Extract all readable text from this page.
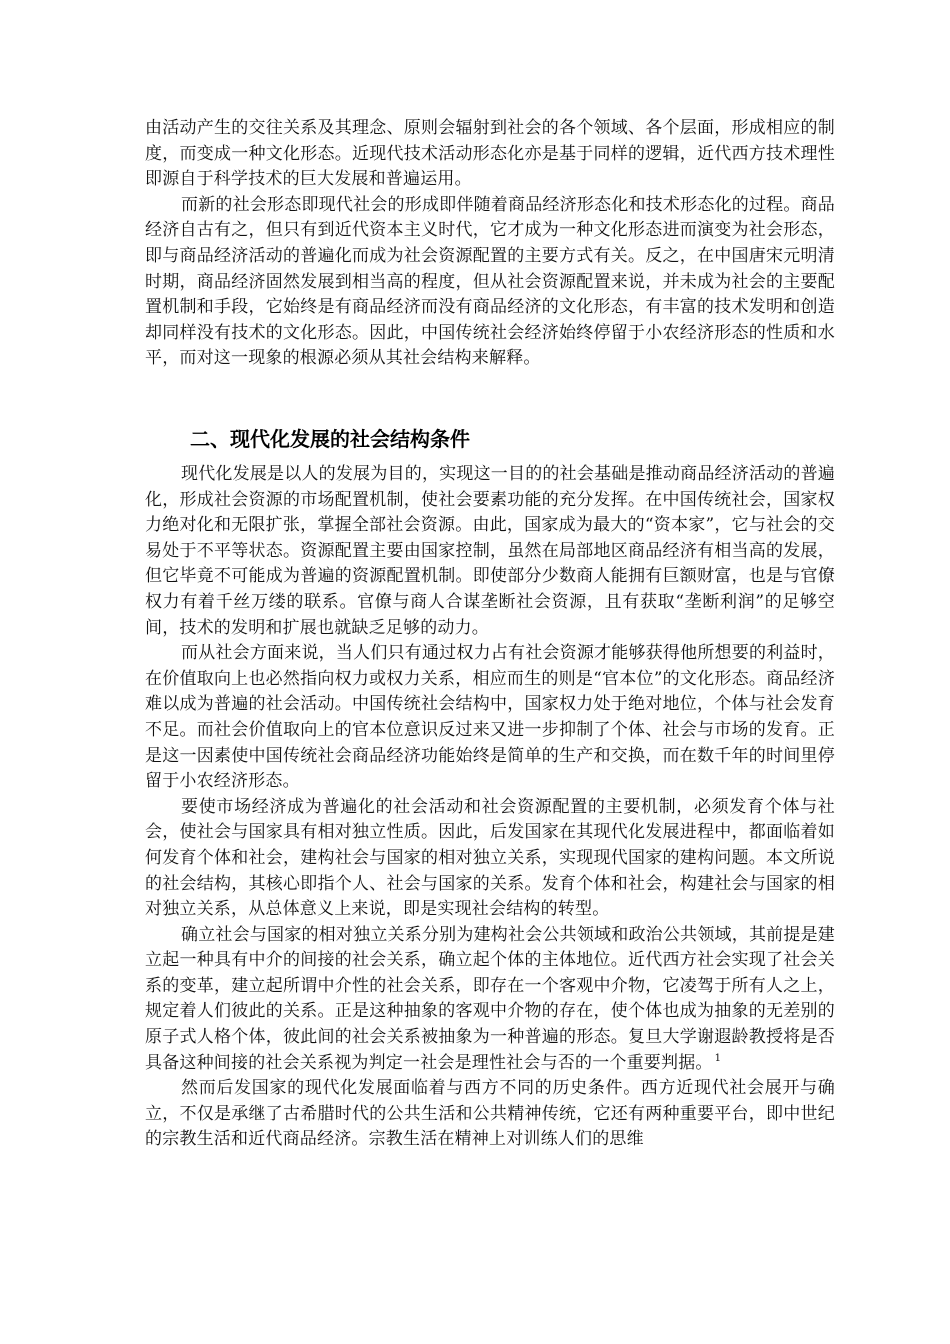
由活动产生的交往关系及其理念、原则会辐射到社会的各个领域、各个层面，形成相应的制度，而变成一种文化形态。近现代技术活动形态化亦是基于同样的逻辑，近代西方技术理性即源自于科学技术的巨大发展和普遍运用。

而新的社会形态即现代社会的形成即伴随着商品经济形态化和技术形态化的过程。商品经济自古有之，但只有到近代资本主义时代，它才成为一种文化形态进而演变为社会形态，即与商品经济活动的普遍化而成为社会资源配置的主要方式有关。反之，在中国唐宋元明清时期，商品经济固然发展到相当高的程度，但从社会资源配置来说，并未成为社会的主要配置机制和手段，它始终是有商品经济而没有商品经济的文化形态，有丰富的技术发明和创造却同样没有技术的文化形态。因此，中国传统社会经济始终停留于小农经济形态的性质和水平，而对这一现象的根源必须从其社会结构来解释。

二、现代化发展的社会结构条件

现代化发展是以人的发展为目的，实现这一目的的社会基础是推动商品经济活动的普遍化，形成社会资源的市场配置机制，使社会要素功能的充分发挥。在中国传统社会，国家权力绝对化和无限扩张，掌握全部社会资源。由此，国家成为最大的“资本家”，它与社会的交易处于不平等状态。资源配置主要由国家控制，虽然在局部地区商品经济有相当高的发展，但它毕竟不可能成为普遍的资源配置机制。即使部分少数商人能拥有巨额财富，也是与官僚权力有着千丝万缕的联系。官僚与商人合谋垄断社会资源，且有获取“垄断利润”的足够空间，技术的发明和扩展也就缺乏足够的动力。

而从社会方面来说，当人们只有通过权力占有社会资源才能够获得他所想要的利益时，在价值取向上也必然指向权力或权力关系，相应而生的则是“官本位”的文化形态。商品经济难以成为普遍的社会活动。中国传统社会结构中，国家权力处于绝对地位，个体与社会发育不足。而社会价值取向上的官本位意识反过来又进一步抑制了个体、社会与市场的发育。正是这一因素使中国传统社会商品经济功能始终是简单的生产和交换，而在数千年的时间里停留于小农经济形态。

要使市场经济成为普遍化的社会活动和社会资源配置的主要机制，必须发育个体与社会，使社会与国家具有相对独立性质。因此，后发国家在其现代化发展进程中，都面临着如何发育个体和社会，建构社会与国家的相对独立关系，实现现代国家的建构问题。本文所说的社会结构，其核心即指个人、社会与国家的关系。发育个体和社会，构建社会与国家的相对独立关系，从总体意义上来说，即是实现社会结构的转型。

确立社会与国家的相对独立关系分别为建构社会公共领域和政治公共领域，其前提是建立起一种具有中介的间接的社会关系，确立起个体的主体地位。近代西方社会实现了社会关系的变革，建立起所谓中介性的社会关系，即存在一个客观中介物，它凌驾于所有人之上，规定着人们彼此的关系。正是这种抽象的客观中介物的存在，使个体也成为抽象的无差别的原子式人格个体，彼此间的社会关系被抽象为一种普遍的形态。复旦大学谢遐龄教授将是否具备这种间接的社会关系视为判定一社会是理性社会与否的一个重要判据。 $^1$

然而后发国家的现代化发展面临着与西方不同的历史条件。西方近现代社会展开与确立，不仅是承继了古希腊时代的公共生活和公共精神传统，它还有两种重要平台，即中世纪的宗教生活和近代商品经济。宗教生活在精神上对训练人们的思维
